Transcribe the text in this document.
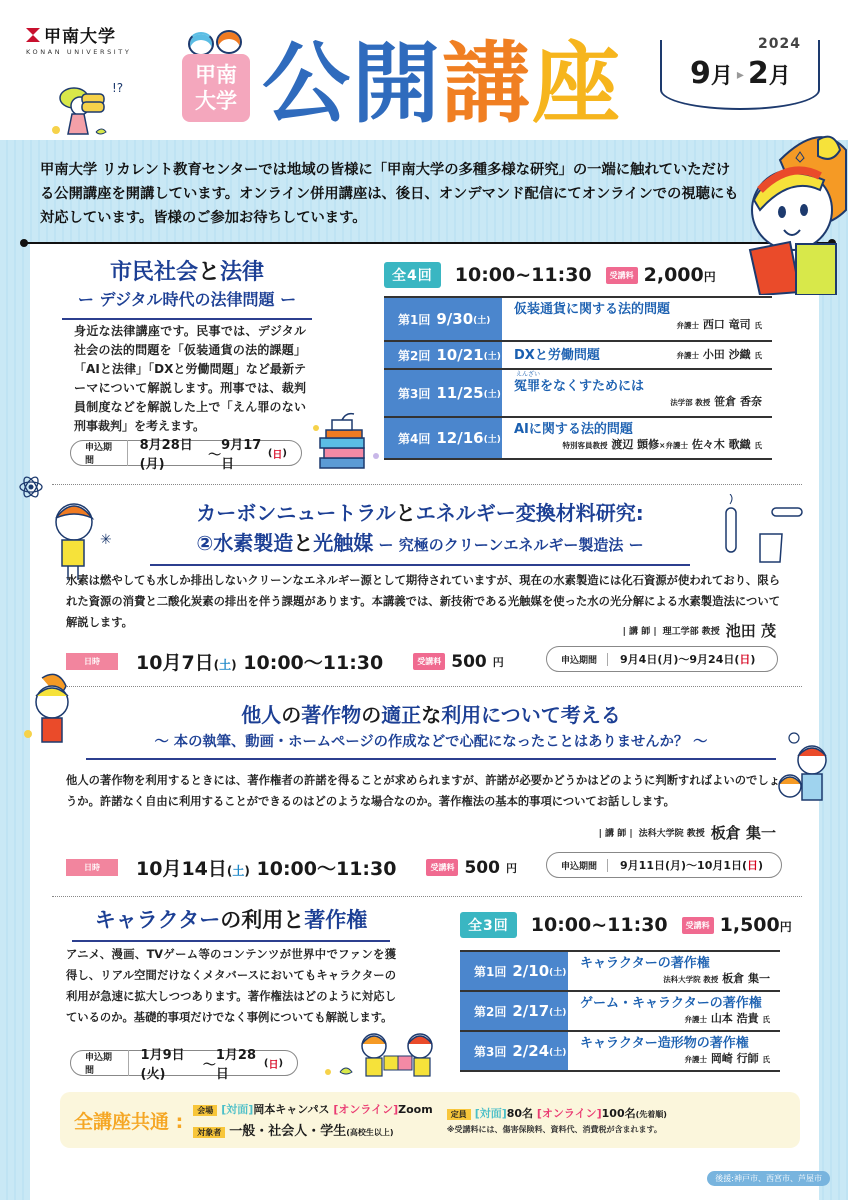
甲南大学
KONAN UNIVERSITY
!?
甲南
大学 公開講座	2024
9月 ▸ 2月

甲南大学 リカレント教育センターでは地域の皆様に「甲南大学の多種多様な研究」の一端に触れていただける公開講座を開講しています。オンライン併用講座は、後日、オンデマンド配信にてオンラインでの視聴にも対応しています。皆様のご参加お待ちしています。

後援:神戸市、西宮市、芦屋市
市民社会と法律
ー デジタル時代の法律問題 ー

身近な法律講座です。民事では、デジタル社会の法的問題を「仮装通貨の法的課題」「AIと法律」「DXと労働問題」など最新テーマについて解説します。刑事では、裁判員制度などを解説した上で「えん罪のない刑事裁判」を考えます。

申込期間
8月28日(月)
～
9月17日
( 日 )
全4回	10:00~11:30	受講料 2,000円
第1回 9/30 (土)
仮装通貨に関する法的問題
弁護士 西口 竜司 氏
第2回 10/21 (土) DXと労働問題	弁護士 小田 沙織 氏
第3回 11/25 (土)
えんざい
冤罪をなくすためには
法学部 教授 笹倉 香奈
第4回 12/16 (土)
AIに関する法的問題
特別客員教授 渡辺 顗修×弁護士 佐々木 歌織 氏
✳
カーボンニュートラルとエネルギー変換材料研究:
②水素製造と光触媒 ー 究極のクリーンエネルギー製造法 ー

水素は燃やしても水しか排出しないクリーンなエネルギー源として期待されていますが、現在の水素製造には化石資源が使われており、限られた資源の消費と二酸化炭素の排出を伴う課題があります。本講義では、新技術である光触媒を使った水の光分解による水素製造法について解説します。

| 講 師 | 理工学部 教授 池田 茂
日時	10月7日(土) 10:00～11:30	受講料 500 円	申込期間	9月4日(月)～9月24日(日)
他人の著作物の適正な利用について考える
～ 本の執筆、動画・ホームページの作成などで心配になったことはありませんか？ ～

他人の著作物を利用するときには、著作権者の許諾を得ることが求められますが、許諾が必要かどうかはどのように判断すればよいのでしょうか。許諾なく自由に利用することができるのはどのような場合なのか。著作権法の基本的事項についてお話しします。

| 講 師 | 法科大学院 教授 板倉 集一
日時	10月14日(土) 10:00～11:30	受講料 500 円	申込期間	9月11日(月)～10月1日(日)
キャラクターの利用と著作権

アニメ、漫画、TVゲーム等のコンテンツが世界中でファンを獲得し、リアル空間だけなくメタバースにおいてもキャラクターの利用が急速に拡大しつつあります。著作権法はどのように対応しているのか。基礎的事項だけでなく事例についても解説します。

申込期間
1月9日(火)
～
1月28日
( 日 )
全3回	10:00~11:30	受講料 1,500円
第1回 2/10 (土)
キャラクターの著作権
法科大学院 教授 板倉 集一
第2回 2/17 (土)
ゲーム・キャラクターの著作権
弁護士 山本 浩貴 氏
第3回 2/24 (土)
キャラクター造形物の著作権
弁護士 岡崎 行師 氏
全講座共通 :	会場 [対面]岡本キャンパス [オンライン]Zoom
対象者 一般・社会人・学生(高校生以上)
定員 [対面]80名 [オンライン]100名(先着順)
※受講料には、傷害保険料、資料代、消費税が含まれます。
